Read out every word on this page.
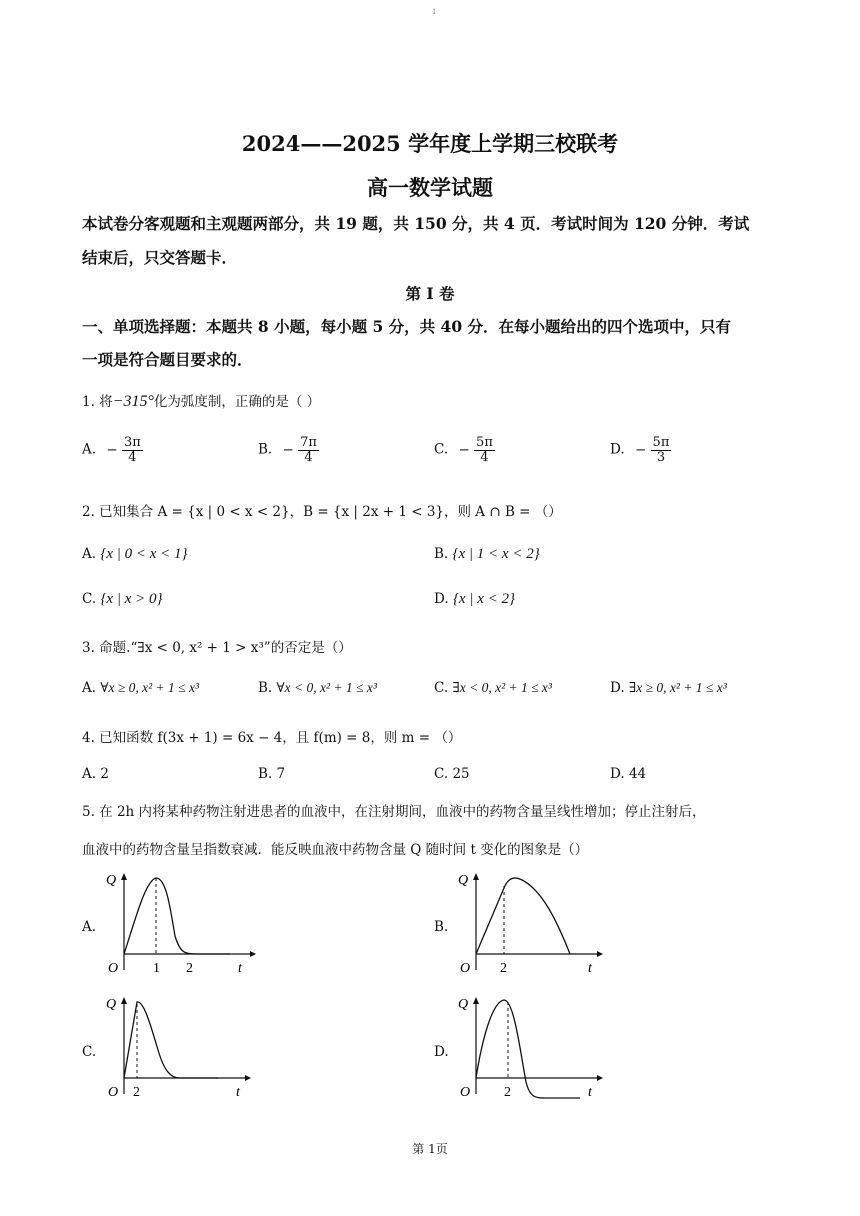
1
2024——2025 学年度上学期三校联考
高一数学试题
本试卷分客观题和主观题两部分，共 19 题，共 150 分，共 4 页．考试时间为 120 分钟．考试
结束后，只交答题卡．
第 Ⅰ 卷
一、单项选择题：本题共 8 小题，每小题 5 分，共 40 分．在每小题给出的四个选项中，只有
一项是符合题目要求的．
1. 将−315°化为弧度制，正确的是（ ）
A. − $\frac{3\pi}{4}$	B. − $\frac{7\pi}{4}$	C. − $\frac{5\pi}{4}$	D. − $\frac{5\pi}{3}$
2. 已知集合 A = {x | 0 < x < 2}，B = {x | 2x + 1 < 3}，则 A ∩ B = （）
A. {x | 0 < x < 1}	B. {x | 1 < x < 2}
C. {x | x > 0}	D. {x | x < 2}
3. 命题.“∃x < 0, x² + 1 > x³”的否定是（）
A. ∀x ≥ 0, x² + 1 ≤ x³	B. ∀x < 0, x² + 1 ≤ x³	C. ∃x < 0, x² + 1 ≤ x³	D. ∃x ≥ 0, x² + 1 ≤ x³
4. 已知函数 f(3x + 1) = 6x − 4，且 f(m) = 8，则 m = （）
A. 2	B. 7	C. 25	D. 44
5. 在 2h 内将某种药物注射进患者的血液中，在注射期间，血液中的药物含量呈线性增加；停止注射后，
血液中的药物含量呈指数衰减．能反映血液中药物含量 Q 随时间 t 变化的图象是（）
A.
Q
O 1 2	t
B.
Q
O 2	t
C.
Q
O 2	t
D.
Q
O 2	t
第 1页
